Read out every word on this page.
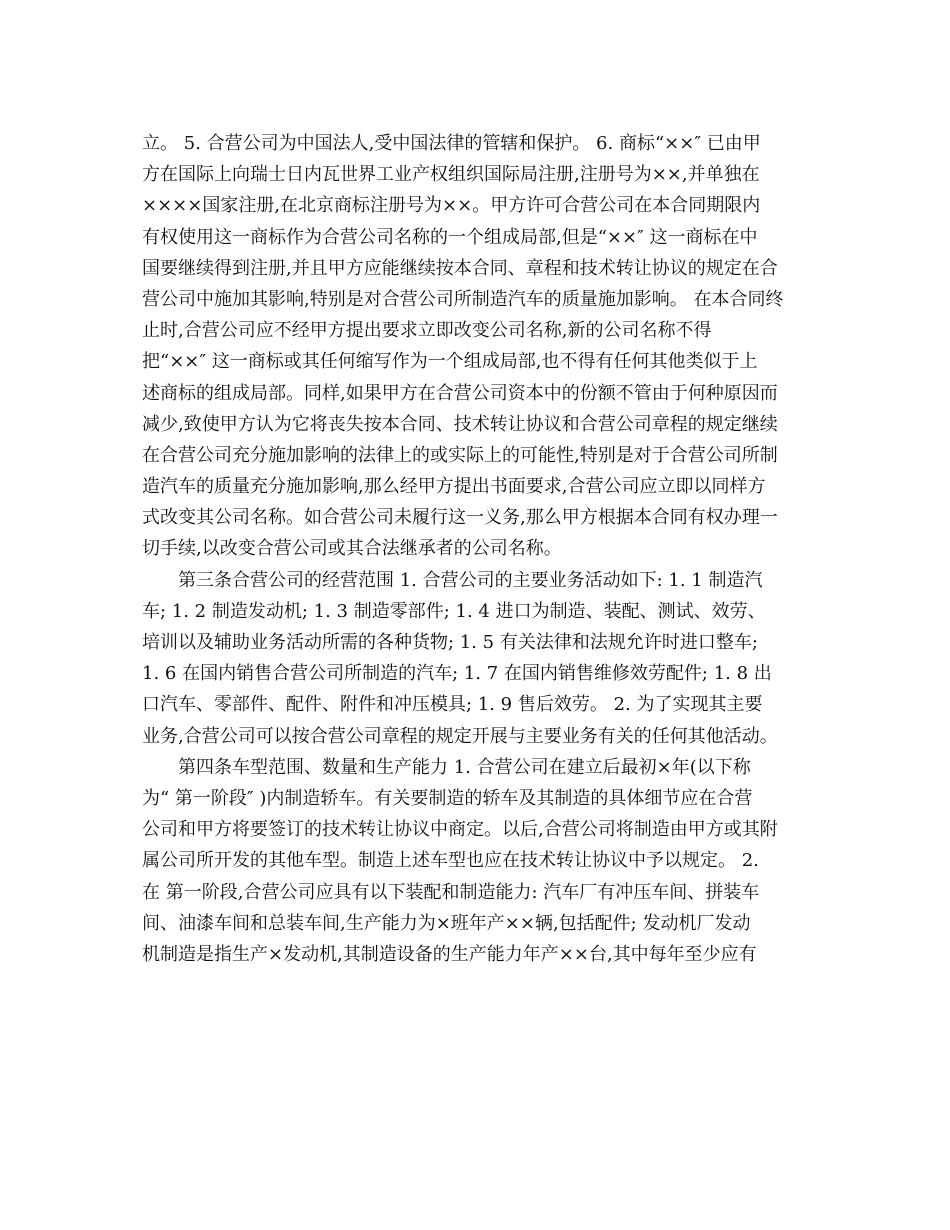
立。 5. 合营公司为中国法人,受中国法律的管辖和保护。 6. 商标“××″ 已由甲
方在国际上向瑞士日内瓦世界工业产权组织国际局注册,注册号为××,并单独在
××××国家注册,在北京商标注册号为××。甲方许可合营公司在本合同期限内
有权使用这一商标作为合营公司名称的一个组成局部,但是“××″ 这一商标在中
国要继续得到注册,并且甲方应能继续按本合同、章程和技术转让协议的规定在合
营公司中施加其影响,特别是对合营公司所制造汽车的质量施加影响。 在本合同终
止时,合营公司应不经甲方提出要求立即改变公司名称,新的公司名称不得
把“××″ 这一商标或其任何缩写作为一个组成局部,也不得有任何其他类似于上
述商标的组成局部。同样,如果甲方在合营公司资本中的份额不管由于何种原因而
减少,致使甲方认为它将丧失按本合同、技术转让协议和合营公司章程的规定继续
在合营公司充分施加影响的法律上的或实际上的可能性,特别是对于合营公司所制
造汽车的质量充分施加影响,那么经甲方提出书面要求,合营公司应立即以同样方
式改变其公司名称。如合营公司未履行这一义务,那么甲方根据本合同有权办理一
切手续,以改变合营公司或其合法继承者的公司名称。
第三条合营公司的经营范围 1. 合营公司的主要业务活动如下: 1. 1 制造汽
车; 1. 2 制造发动机; 1. 3 制造零部件; 1. 4 进口为制造、装配、测试、效劳、
培训以及辅助业务活动所需的各种货物; 1. 5 有关法律和法规允许时进口整车;
1. 6 在国内销售合营公司所制造的汽车; 1. 7 在国内销售维修效劳配件; 1. 8 出
口汽车、零部件、配件、附件和冲压模具; 1. 9 售后效劳。 2. 为了实现其主要
业务,合营公司可以按合营公司章程的规定开展与主要业务有关的任何其他活动。
第四条车型范围、数量和生产能力 1. 合营公司在建立后最初×年(以下称
为“ 第一阶段″ )内制造轿车。有关要制造的轿车及其制造的具体细节应在合营
公司和甲方将要签订的技术转让协议中商定。以后,合营公司将制造由甲方或其附
属公司所开发的其他车型。制造上述车型也应在技术转让协议中予以规定。 2.
在 第一阶段,合营公司应具有以下装配和制造能力: 汽车厂有冲压车间、拼装车
间、油漆车间和总装车间,生产能力为×班年产××辆,包括配件; 发动机厂发动
机制造是指生产×发动机,其制造设备的生产能力年产××台,其中每年至少应有
